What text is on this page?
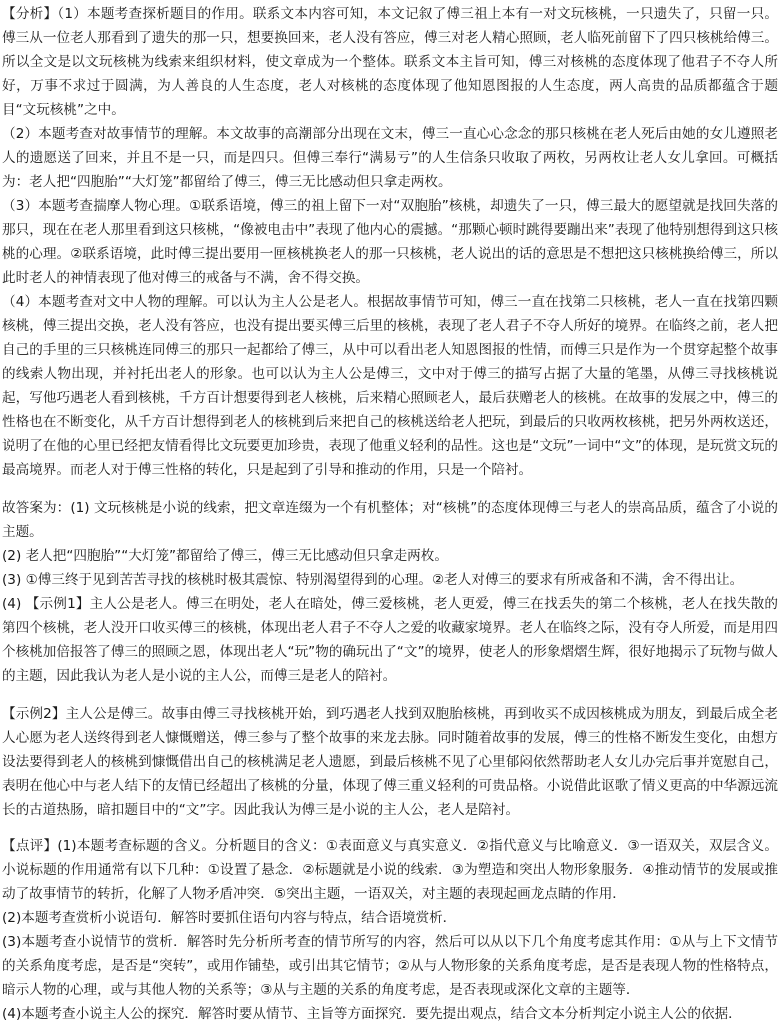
【分析】（1）本题考查探析题目的作用。联系文本内容可知，本文记叙了傅三祖上本有一对文玩核桃，一只遗失了，只留一只。傅三从一位老人那看到了遗失的那一只，想要换回来，老人没有答应，傅三对老人精心照顾，老人临死前留下了四只核桃给傅三。所以全文是以文玩核桃为线索来组织材料，使文章成为一个整体。联系文本主旨可知，傅三对核桃的态度体现了他君子不夺人所好，万事不求过于圆满，为人善良的人生态度，老人对核桃的态度体现了他知恩图报的人生态度，两人高贵的品质都蕴含于题目“文玩核桃”之中。

（2）本题考查对故事情节的理解。本文故事的高潮部分出现在文末，傅三一直心心念念的那只核桃在老人死后由她的女儿遵照老人的遗愿送了回来，并且不是一只，而是四只。但傅三奉行“满易亏”的人生信条只收取了两枚，另两枚让老人女儿拿回。可概括为：老人把“四胞胎”“大灯笼”都留给了傅三，傅三无比感动但只拿走两枚。

（3）本题考查揣摩人物心理。①联系语境，傅三的祖上留下一对“双胞胎”核桃，却遗失了一只，傅三最大的愿望就是找回失落的那只，现在在老人那里看到这只核桃，“像被电击中”表现了他内心的震撼。“那颗心顿时跳得要蹦出来”表现了他特别想得到这只核桃的心理。②联系语境，此时傅三提出要用一匣核桃换老人的那一只核桃，老人说出的话的意思是不想把这只核桃换给傅三，所以此时老人的神情表现了他对傅三的戒备与不满，舍不得交换。

（4）本题考查对文中人物的理解。可以认为主人公是老人。根据故事情节可知，傅三一直在找第二只核桃，老人一直在找第四颗核桃，傅三提出交换，老人没有答应，也没有提出要买傅三后里的核桃，表现了老人君子不夺人所好的境界。在临终之前，老人把自己的手里的三只核桃连同傅三的那只一起都给了傅三，从中可以看出老人知恩图报的性情，而傅三只是作为一个贯穿起整个故事的线索人物出现，并衬托出老人的形象。也可以认为主人公是傅三，文中对于傅三的描写占据了大量的笔墨，从傅三寻找核桃说起，写他巧遇老人看到核桃，千方百计想要得到老人核桃，后来精心照顾老人，最后获赠老人的核桃。在故事的发展之中，傅三的性格也在不断变化，从千方百计想得到老人的核桃到后来把自己的核桃送给老人把玩，到最后的只收两枚核桃，把另外两枚送还，说明了在他的心里已经把友情看得比文玩要更加珍贵，表现了他重义轻利的品性。这也是“文玩”一词中“文”的体现，是玩赏文玩的最高境界。而老人对于傅三性格的转化，只是起到了引导和推动的作用，只是一个陪衬。

故答案为：(1) 文玩核桃是小说的线索，把文章连缀为一个有机整体；对“核桃”的态度体现傅三与老人的崇高品质，蕴含了小说的主题。

(2) 老人把“四胞胎”“大灯笼”都留给了傅三，傅三无比感动但只拿走两枚。

(3) ①傅三终于见到苦苦寻找的核桃时极其震惊、特别渴望得到的心理。②老人对傅三的要求有所戒备和不满，舍不得出让。

(4) 【示例1】主人公是老人。傅三在明处，老人在暗处，傅三爱核桃，老人更爱，傅三在找丢失的第二个核桃，老人在找失散的第四个核桃，老人没开口收买傅三的核桃，体现出老人君子不夺人之爱的收藏家境界。老人在临终之际，没有夺人所爱，而是用四个核桃加倍报答了傅三的照顾之恩，体现出老人“玩”物的确玩出了“文”的境界，使老人的形象熠熠生辉，很好地揭示了玩物与做人的主题，因此我认为老人是小说的主人公，而傅三是老人的陪衬。

【示例2】主人公是傅三。故事由傅三寻找核桃开始，到巧遇老人找到双胞胎核桃，再到收买不成因核桃成为朋友，到最后成全老人心愿为老人送终得到老人慷慨赠送，傅三参与了整个故事的来龙去脉。同时随着故事的发展，傅三的性格不断发生变化，由想方设法要得到老人的核桃到慷慨借出自己的核桃满足老人遗愿，到最后核桃不见了心里郁闷依然帮助老人女儿办完后事并宽慰自己，表明在他心中与老人结下的友情已经超出了核桃的分量，体现了傅三重义轻利的可贵品格。小说借此讴歌了情义更高的中华源远流长的古道热肠，暗扣题目中的“文”字。因此我认为傅三是小说的主人公，老人是陪衬。

【点评】(1)本题考查标题的含义。分析题目的含义：①表面意义与真实意义．②指代意义与比喻意义．③一语双关，双层含义。小说标题的作用通常有以下几种：①设置了悬念．②标题就是小说的线索．③为塑造和突出人物形象服务．④推动情节的发展或推动了故事情节的转折，化解了人物矛盾冲突．⑤突出主题，一语双关，对主题的表现起画龙点睛的作用．

(2)本题考查赏析小说语句．解答时要抓住语句内容与特点，结合语境赏析．

(3)本题考查小说情节的赏析．解答时先分析所考查的情节所写的内容，然后可以从以下几个角度考虑其作用：①从与上下文情节的关系角度考虑，是否是“突转”，或用作铺垫，或引出其它情节；②从与人物形象的关系角度考虑，是否是表现人物的性格特点，暗示人物的心理，或与其他人物的关系等；③从与主题的关系的角度考虑，是否表现或深化文章的主题等．

(4)本题考查小说主人公的探究．解答时要从情节、主旨等方面探究．要先提出观点，结合文本分析判定小说主人公的依据．
